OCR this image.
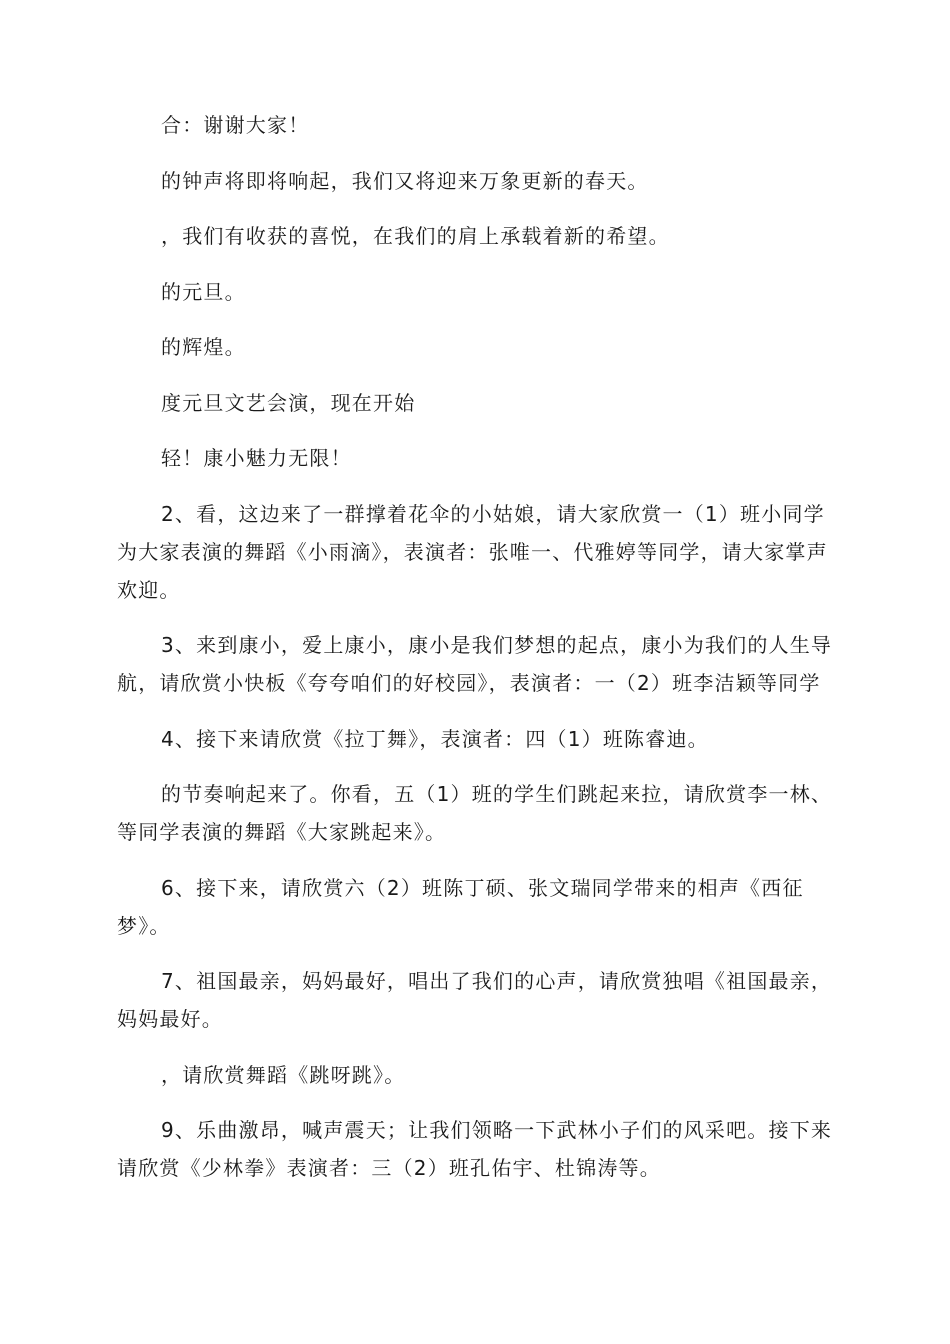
合：谢谢大家！

的钟声将即将响起，我们又将迎来万象更新的春天。

，我们有收获的喜悦，在我们的肩上承载着新的希望。

的元旦。

的辉煌。

度元旦文艺会演，现在开始

轻！康小魅力无限！

2、看，这边来了一群撑着花伞的小姑娘，请大家欣赏一（1）班小同学为大家表演的舞蹈《小雨滴》，表演者：张唯一、代雅婷等同学，请大家掌声欢迎。

3、来到康小，爱上康小，康小是我们梦想的起点，康小为我们的人生导航，请欣赏小快板《夸夸咱们的好校园》，表演者：一（2）班李洁颖等同学

4、接下来请欣赏《拉丁舞》，表演者：四（1）班陈睿迪。

的节奏响起来了。你看，五（1）班的学生们跳起来拉，请欣赏李一林、等同学表演的舞蹈《大家跳起来》。

6、接下来，请欣赏六（2）班陈丁硕、张文瑞同学带来的相声《西征梦》。

7、祖国最亲，妈妈最好，唱出了我们的心声，请欣赏独唱《祖国最亲，妈妈最好。

，请欣赏舞蹈《跳呀跳》。

9、乐曲激昂，喊声震天；让我们领略一下武林小子们的风采吧。接下来请欣赏《少林拳》表演者：三（2）班孔佑宇、杜锦涛等。
